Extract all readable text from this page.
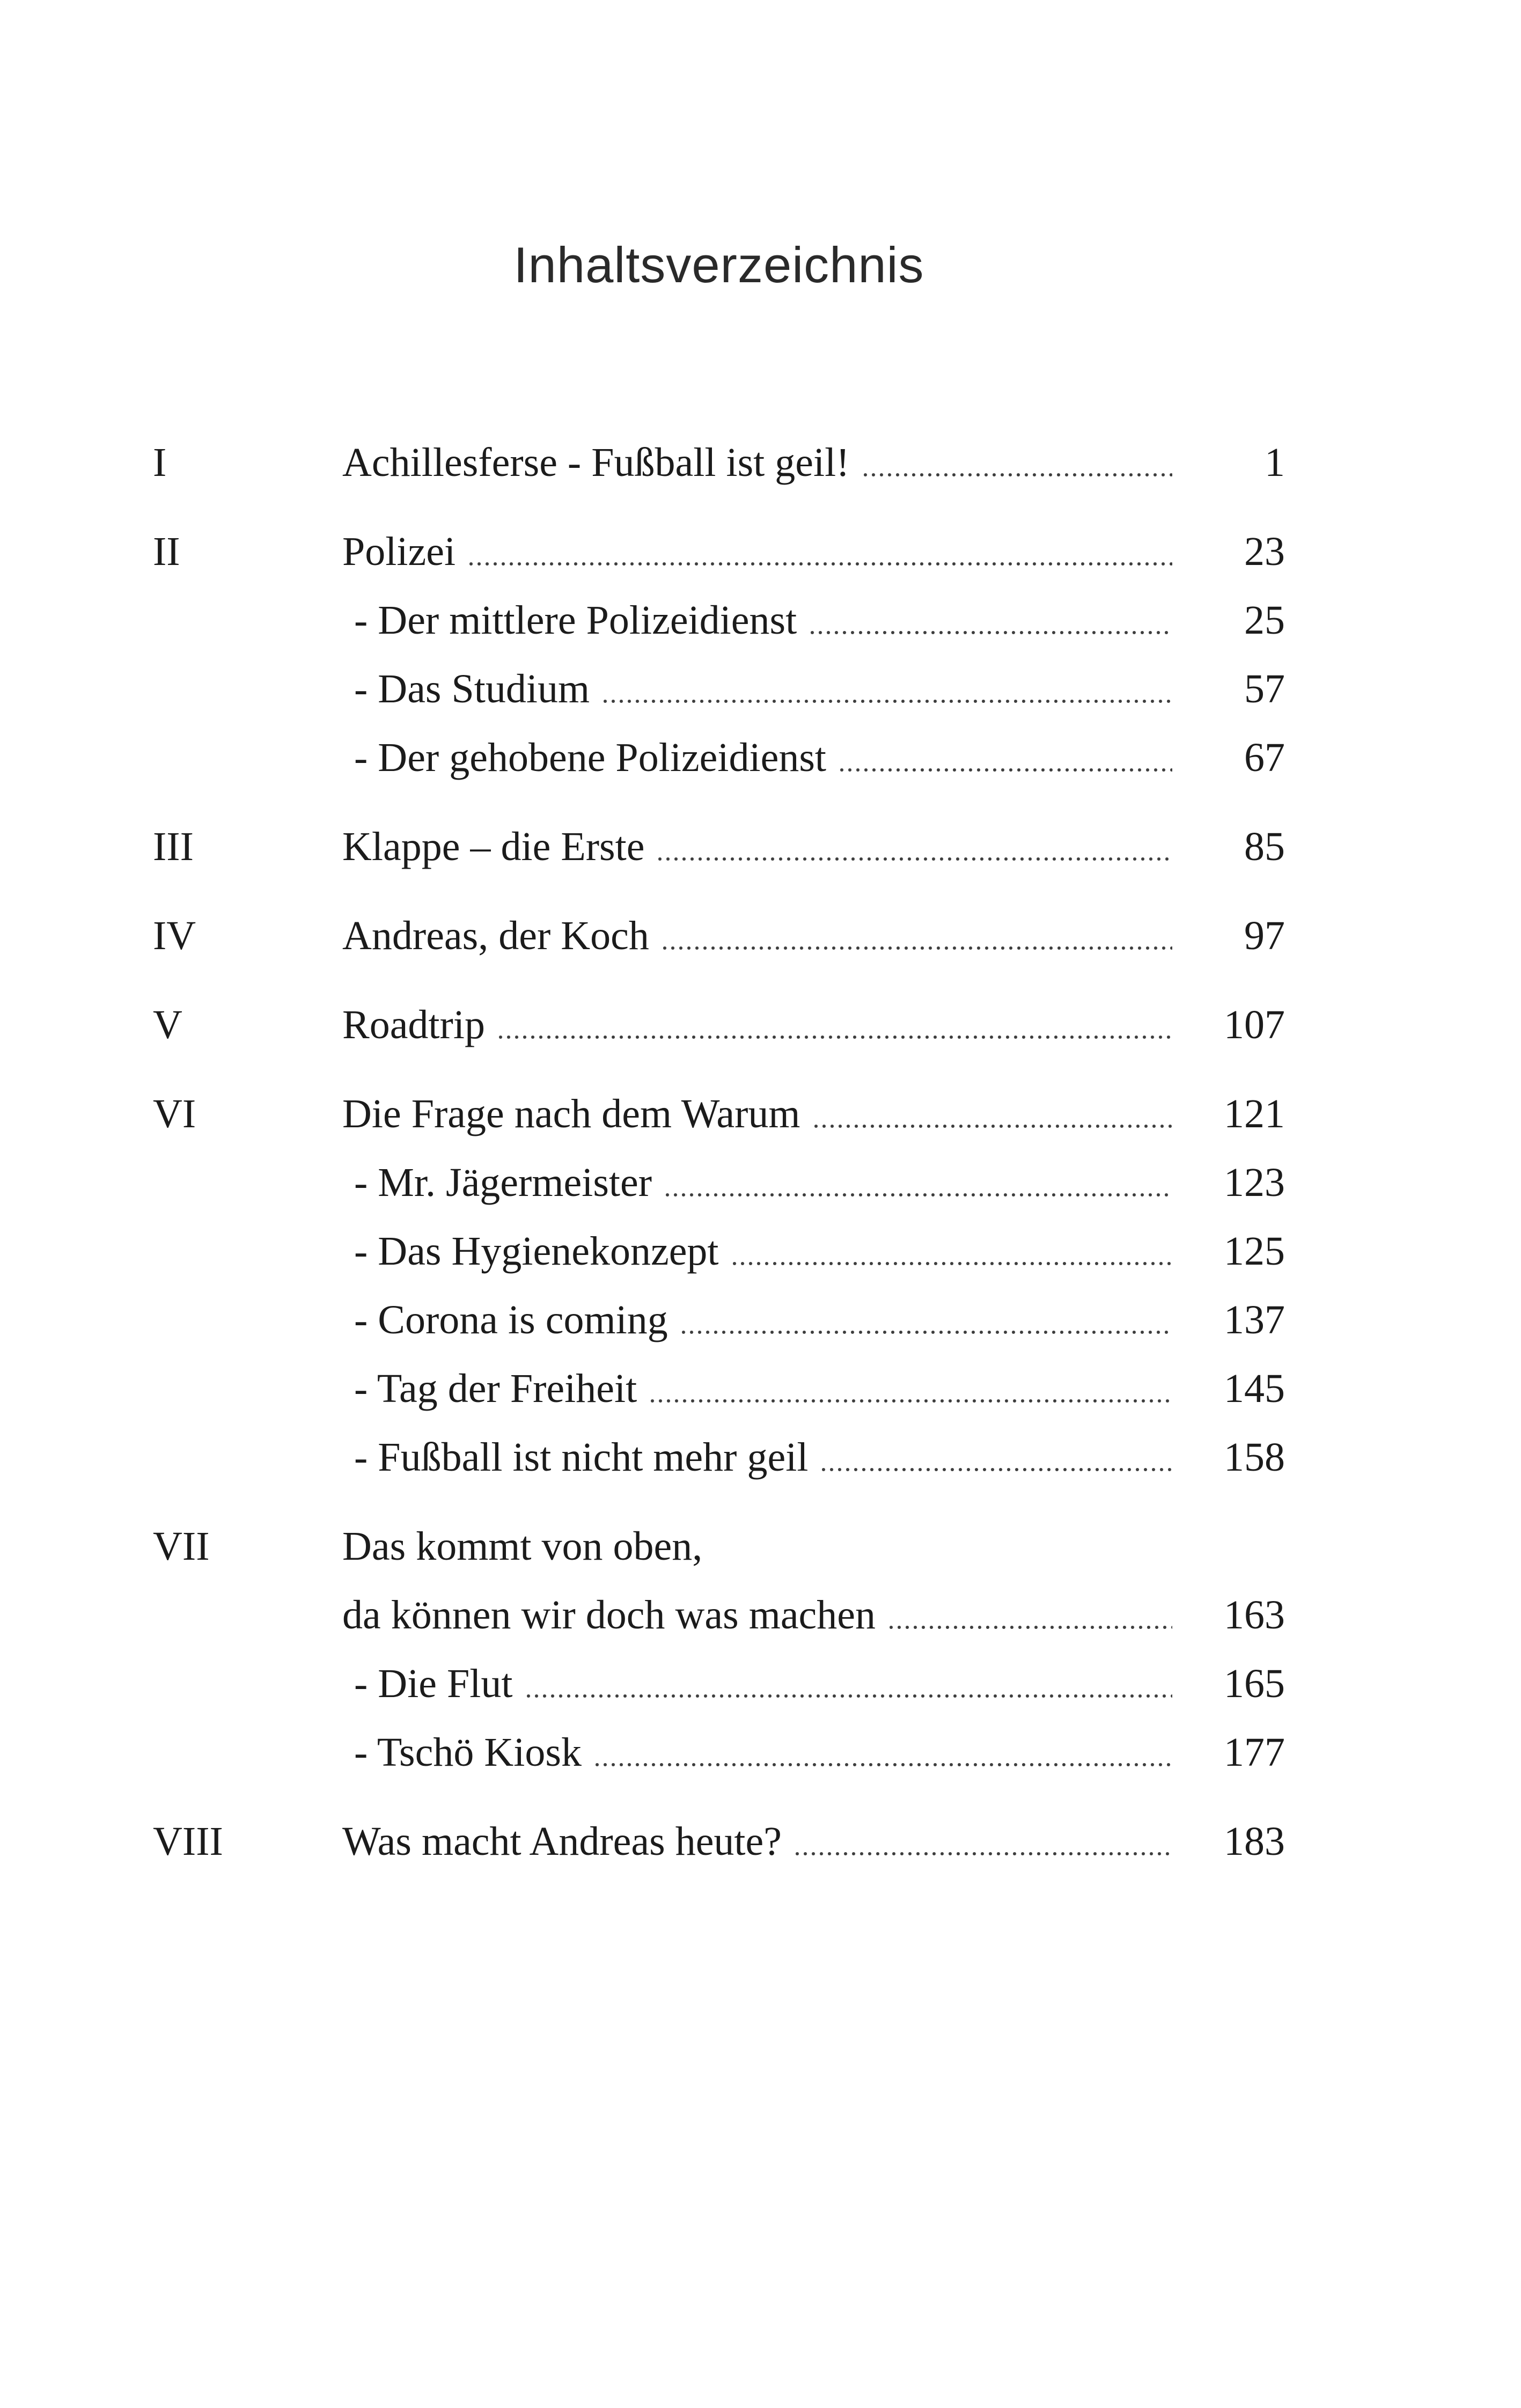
Inhaltsverzeichnis
I	Achillesferse - Fußball ist geil!	1
II	Polizei	23
- Der mittlere Polizeidienst	25
- Das Studium	57
- Der gehobene Polizeidienst	67
III	Klappe – die Erste	85
IV	Andreas, der Koch	97
V	Roadtrip	107
VI	Die Frage nach dem Warum	121
- Mr. Jägermeister	123
- Das Hygienekonzept	125
- Corona is coming	137
- Tag der Freiheit	145
- Fußball ist nicht mehr geil	158
VII	Das kommt von oben,
da können wir doch was machen	163
- Die Flut	165
- Tschö Kiosk	177
VIII	Was macht Andreas heute?	183
